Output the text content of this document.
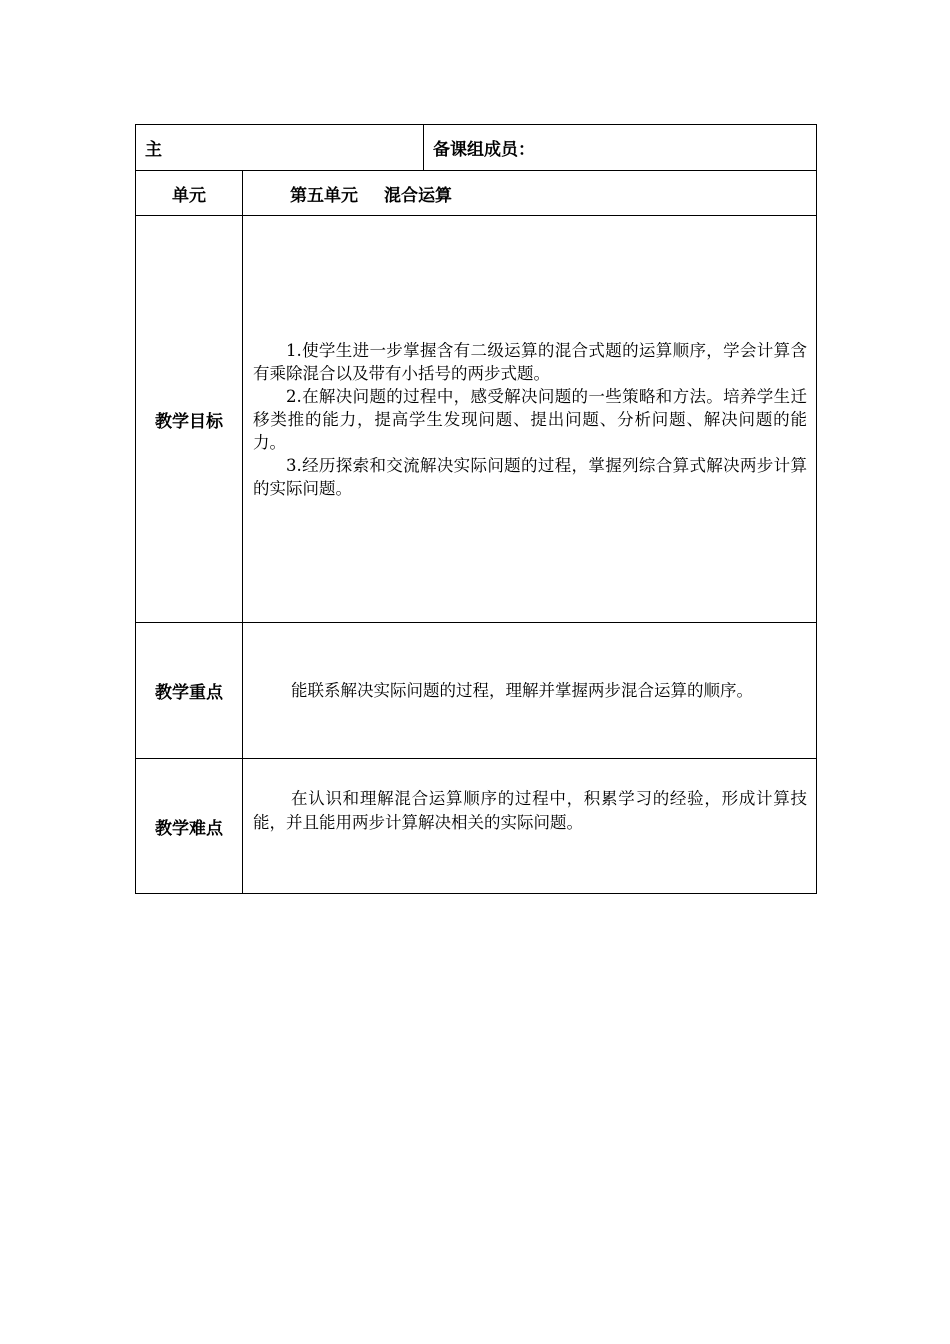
主		备课组成员：
单元	第五单元 混合运算	
教学目标	1.使学生进一步掌握含有二级运算的混合式题的运算顺序，学会计算含有乘除混合以及带有小括号的两步式题。

2.在解决问题的过程中，感受解决问题的一些策略和方法。培养学生迁移类推的能力，提高学生发现问题、提出问题、分析问题、解决问题的能力。

3.经历探索和交流解决实际问题的过程，掌握列综合算式解决两步计算的实际问题。	

教学重点	能联系解决实际问题的过程，理解并掌握两步混合运算的顺序。	

教学难点	在认识和理解混合运算顺序的过程中，积累学习的经验，形成计算技能，并且能用两步计算解决相关的实际问题。	
